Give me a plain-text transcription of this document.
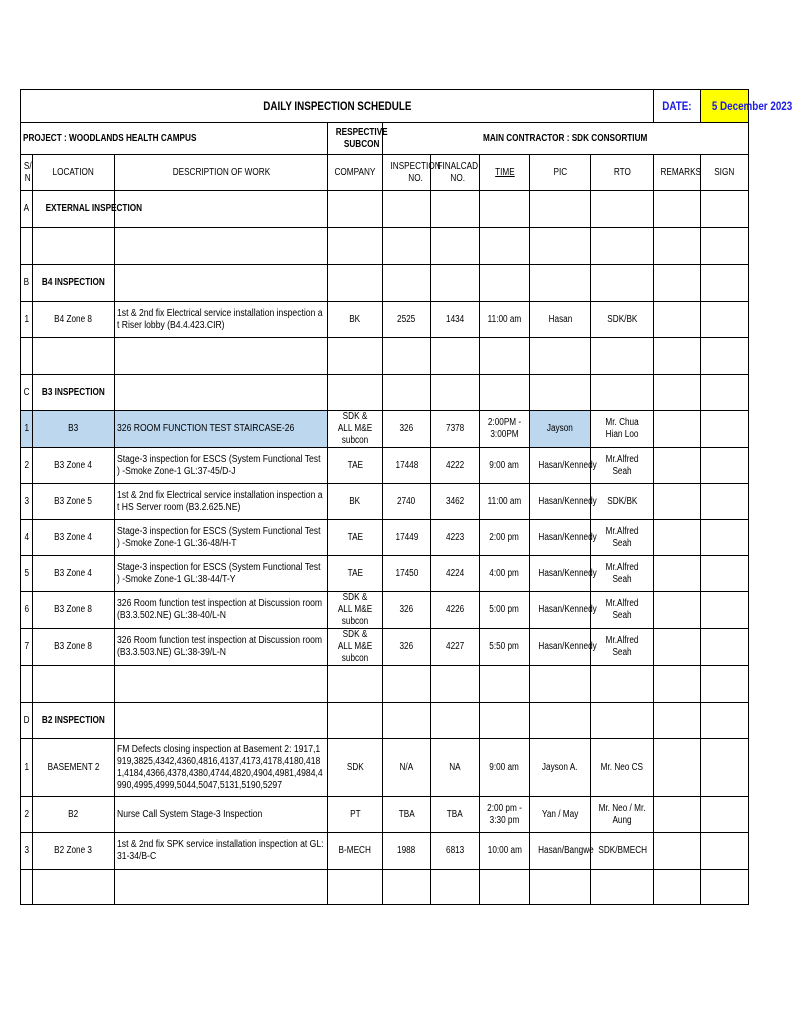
DAILY INSPECTION SCHEDULE									DATE:	5 December 2023
PROJECT : WOODLANDS HEALTH CAMPUS			RESPECTIVE SUBCON	MAIN CONTRACTOR : SDK CONSORTIUM						
S/ N	LOCATION	DESCRIPTION OF WORK	COMPANY	INSPECTION NO.	FINALCAD NO.	TIME	PIC	RTO	REMARKS	SIGN
A	EXTERNAL INSPECTION									

B	B4 INSPECTION									
1	B4 Zone 8	1st & 2nd fix Electrical service installation inspection at Riser lobby (B4.4.423.CIR)	BK	2525	1434	11:00 am	Hasan	SDK/BK		

C	B3 INSPECTION									
1	B3	326 ROOM FUNCTION TEST STAIRCASE-26	SDK & ALL M&E subcon	326	7378	2:00PM - 3:00PM	Jayson	Mr. Chua Hian Loo		
2	B3 Zone 4	Stage-3 inspection for ESCS (System Functional Test ) -Smoke Zone-1 GL:37-45/D-J	TAE	17448	4222	9:00 am	Hasan/Kennedy	Mr.Alfred Seah		
3	B3 Zone 5	1st & 2nd fix Electrical service installation inspection at HS Server room (B3.2.625.NE)	BK	2740	3462	11:00 am	Hasan/Kennedy	SDK/BK		
4	B3 Zone 4	Stage-3 inspection for ESCS (System Functional Test ) -Smoke Zone-1 GL:36-48/H-T	TAE	17449	4223	2:00 pm	Hasan/Kennedy	Mr.Alfred Seah		
5	B3 Zone 4	Stage-3 inspection for ESCS (System Functional Test ) -Smoke Zone-1 GL:38-44/T-Y	TAE	17450	4224	4:00 pm	Hasan/Kennedy	Mr.Alfred Seah		
6	B3 Zone 8	326 Room function test inspection at Discussion room (B3.3.502.NE) GL:38-40/L-N	SDK & ALL M&E subcon	326	4226	5:00 pm	Hasan/Kennedy	Mr.Alfred Seah		
7	B3 Zone 8	326 Room function test inspection at Discussion room (B3.3.503.NE) GL:38-39/L-N	SDK & ALL M&E subcon	326	4227	5:50 pm	Hasan/Kennedy	Mr.Alfred Seah		

D	B2 INSPECTION									
1	BASEMENT 2	FM Defects closing inspection at Basement 2: 1917,1919,3825,4342,4360,4816,4137,4173,4178,4180,4181,4184,4366,4378,4380,4744,4820,4904,4981,4984,4990,4995,4999,5044,5047,5131,5190,5297	SDK	N/A	NA	9:00 am	Jayson A.	Mr. Neo CS		
2	B2	Nurse Call System Stage-3 Inspection	PT	TBA	TBA	2:00 pm - 3:30 pm	Yan / May	Mr. Neo / Mr. Aung		
3	B2 Zone 3	1st & 2nd fix SPK service installation inspection at GL:31-34/B-C	B-MECH	1988	6813	10:00 am	Hasan/Bangwe	SDK/BMECH		
